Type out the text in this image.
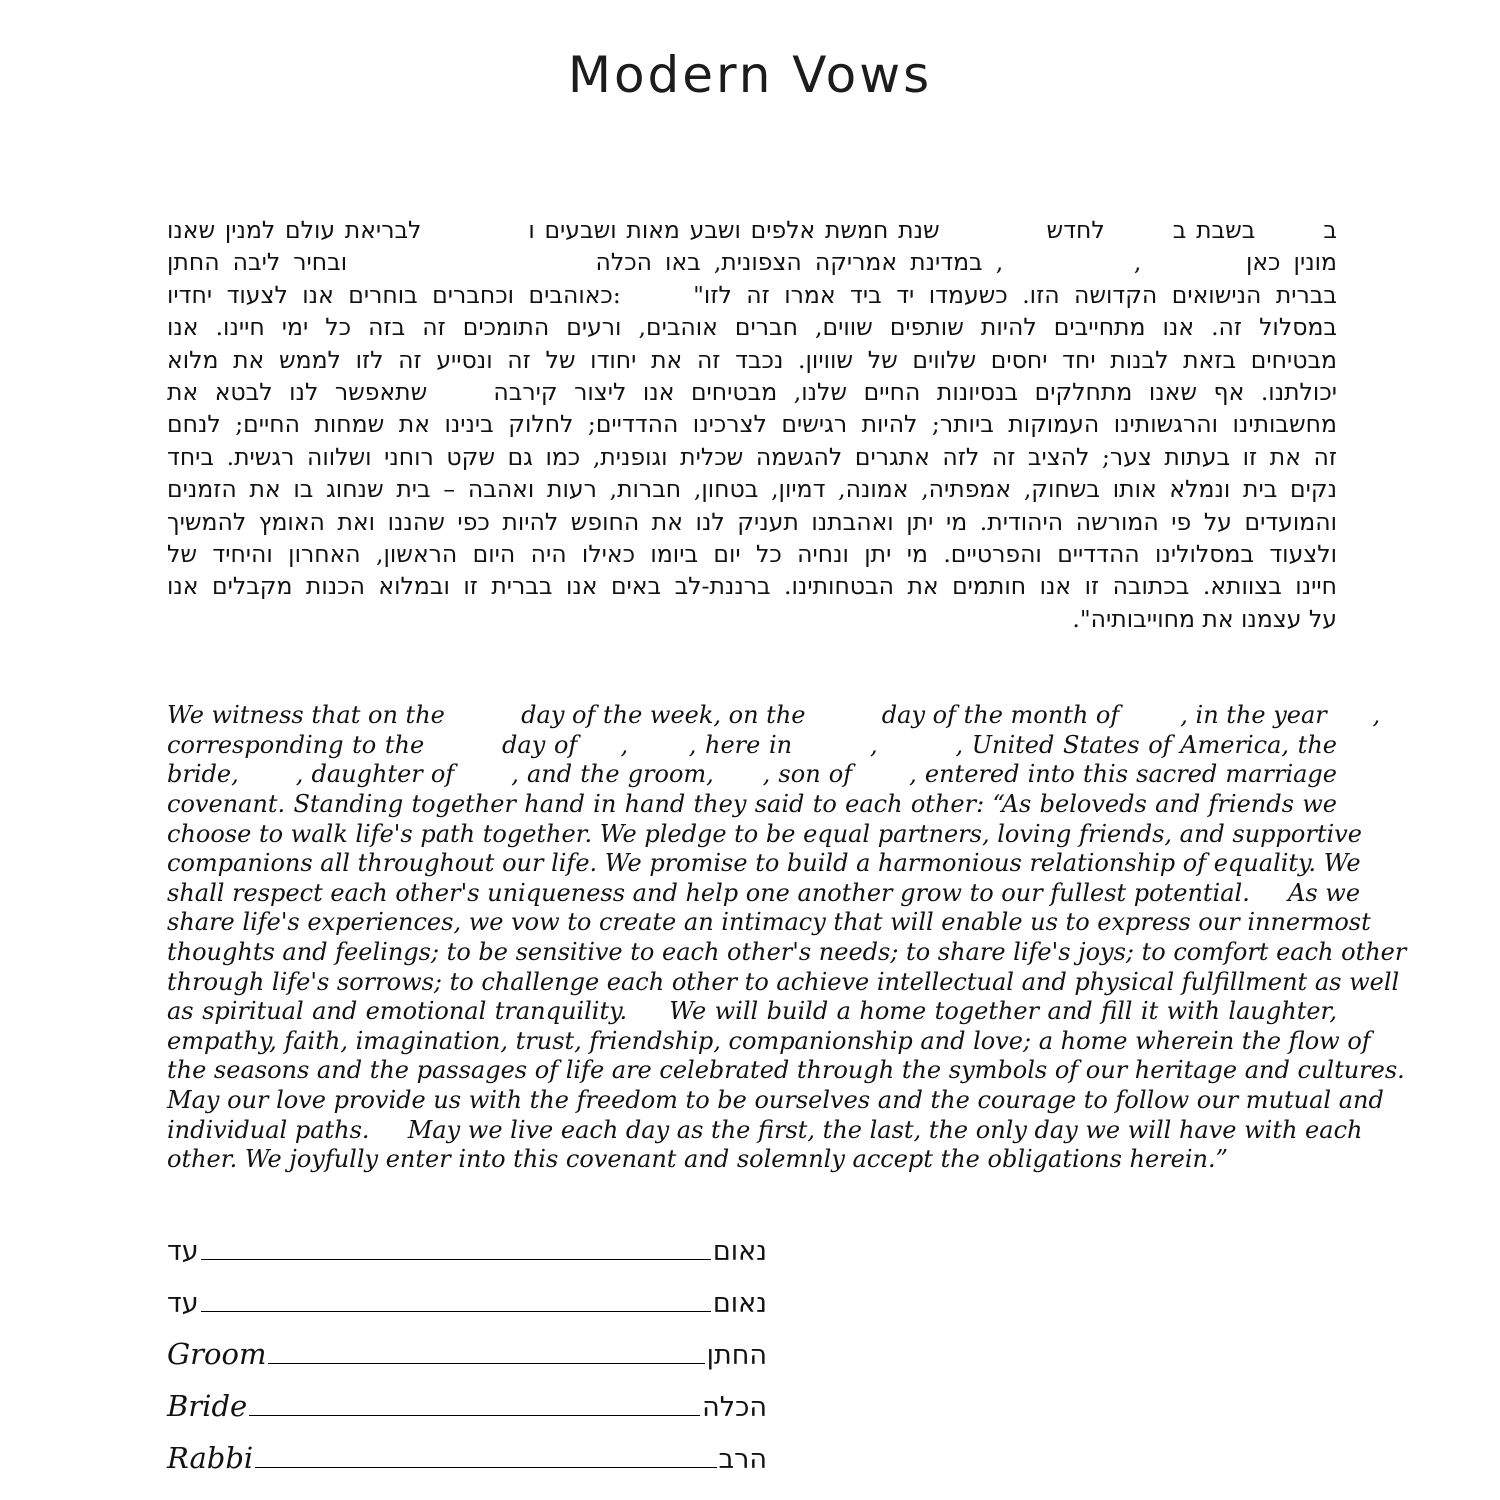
Modern Vows
ב       בשבת ב       לחדש           שנת חמשת אלפים ושבע מאות ושבעים ו           לבריאת עולם למנין שאנו
מונין כאן        ,          , במדינת אמריקה הצפונית, באו הכלה                   ובחיר ליבה החתן
בברית הנישואים הקדושה הזו. כשעמדו יד ביד אמרו זה לזו"     :כאוהבים וכחברים בוחרים אנו לצעוד יחדיו
במסלול זה. אנו מתחייבים להיות שותפים שווים, חברים אוהבים, ורעים התומכים זה בזה כל ימי חיינו. אנו
מבטיחים בזאת לבנות יחד יחסים שלווים של שוויון. נכבד זה את יחודו של זה ונסייע זה לזו לממש את מלוא
יכולתנו. אף שאנו מתחלקים בנסיונות החיים שלנו, מבטיחים אנו ליצור קירבה    שתאפשר לנו לבטא את
מחשבותינו והרגשותינו העמוקות ביותר; להיות רגישים לצרכינו ההדדיים; לחלוק בינינו את שמחות החיים; לנחם
זה את זו בעתות צער; להציב זה לזה אתגרים להגשמה שכלית וגופנית, כמו גם שקט רוחני ושלווה רגשית. ביחד
נקים בית ונמלא אותו בשחוק, אמפתיה, אמונה, דמיון, בטחון, חברות, רעות ואהבה – בית שנחוג בו את הזמנים
והמועדים על פי המורשה היהודית. מי יתן ואהבתנו תעניק לנו את החופש להיות כפי שהננו ואת האומץ להמשיך
ולצעוד במסלולינו ההדדיים והפרטיים. מי יתן ונחיה כל יום ביומו כאילו היה היום הראשון, האחרון והיחיד של
חיינו בצוותא. בכתובה זו אנו חותמים את הבטחותינו. ברננת-לב באים אנו בברית זו ובמלוא הכנות מקבלים אנו
על עצמנו את מחוייבותיה".
We witness that on the          day of the week, on the          day of the month of        , in the year      ,
corresponding to the         day of     ,       , here in         ,         , United States of America, the
bride,       , daughter of       , and the groom,      , son of       , entered into this sacred marriage
covenant. Standing together hand in hand they said to each other: “As beloveds and friends we
choose to walk life's path together. We pledge to be equal partners, loving friends, and supportive
companions all throughout our life. We promise to build a harmonious relationship of equality. We
shall respect each other's uniqueness and help one another grow to our fullest potential.     As we
share life's experiences, we vow to create an intimacy that will enable us to express our innermost
thoughts and feelings; to be sensitive to each other's needs; to share life's joys; to comfort each other
through life's sorrows; to challenge each other to achieve intellectual and physical fulfillment as well
as spiritual and emotional tranquility.     We will build a home together and fill it with laughter,
empathy, faith, imagination, trust, friendship, companionship and love; a home wherein the flow of
the seasons and the passages of life are celebrated through the symbols of our heritage and cultures.
May our love provide us with the freedom to be ourselves and the courage to follow our mutual and
individual paths.     May we live each day as the first, the last, the only day we will have with each
other. We joyfully enter into this covenant and solemnly accept the obligations herein.”
עד	נאום
עד	נאום
Groom	החתן
Bride	הכלה
Rabbi	הרב
